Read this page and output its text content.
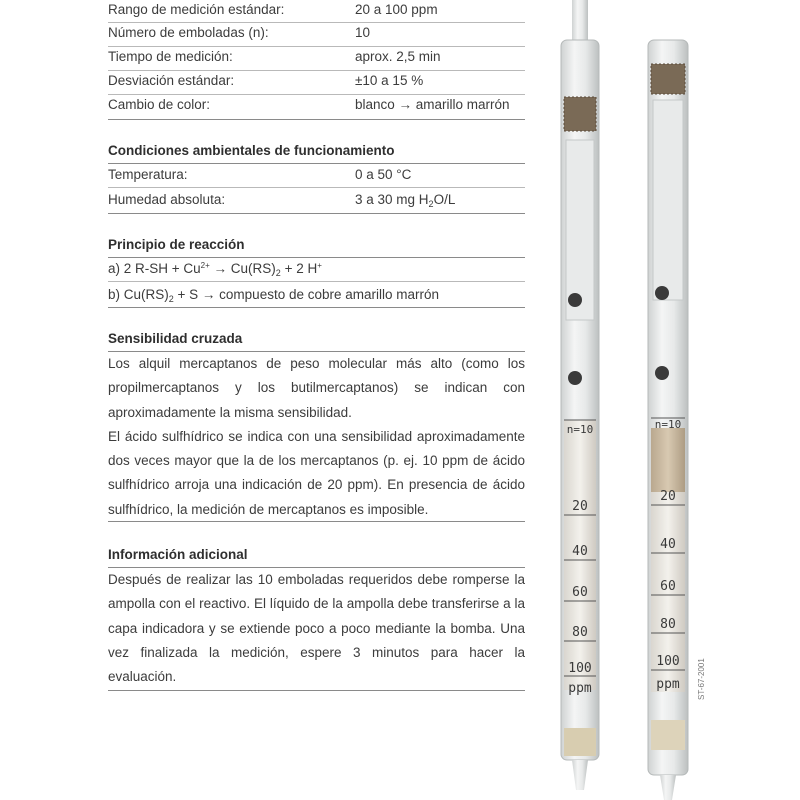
Rango de medición estándar:	20 a 100 ppm
Número de emboladas (n):	10
Tiempo de medición:	aprox. 2,5 min
Desviación estándar:	±10 a 15 %
Cambio de color:	blanco → amarillo marrón
Condiciones ambientales de funcionamiento
Temperatura:	0 a 50 °C
Humedad absoluta:	3 a 30 mg $H_2O/L$
Principio de reacción
a) 2 $R-SH + Cu^{2+} \to Cu(RS)_2 + 2$ H+
b) $Cu(RS)_2 + S$ → compuesto de cobre amarillo marrón
Sensibilidad cruzada

Los alquil mercaptanos de peso molecular más alto (como los propilmercaptanos y los butilmercaptanos) se indican con aproximadamente la misma sensibilidad.

El ácido sulfhídrico se indica con una sensibilidad aproximadamente dos veces mayor que la de los mercaptanos (p. ej. 10 ppm de ácido sulfhídrico arroja una indicación de 20 ppm). En presencia de ácido sulfhídrico, la medición de mercaptanos es imposible.

Información adicional

Después de realizar las 10 emboladas requeridos debe romperse la ampolla con el reactivo. El líquido de la ampolla debe transferirse a la capa indicadora y se extiende poco a poco mediante la bomba. Una vez finalizada la medición, espere 3 minutos para hacer la evaluación.

n=10	n=10
20
40
60
80
100
ppm
20
40
60
80
100
ppm ST-67-2001
